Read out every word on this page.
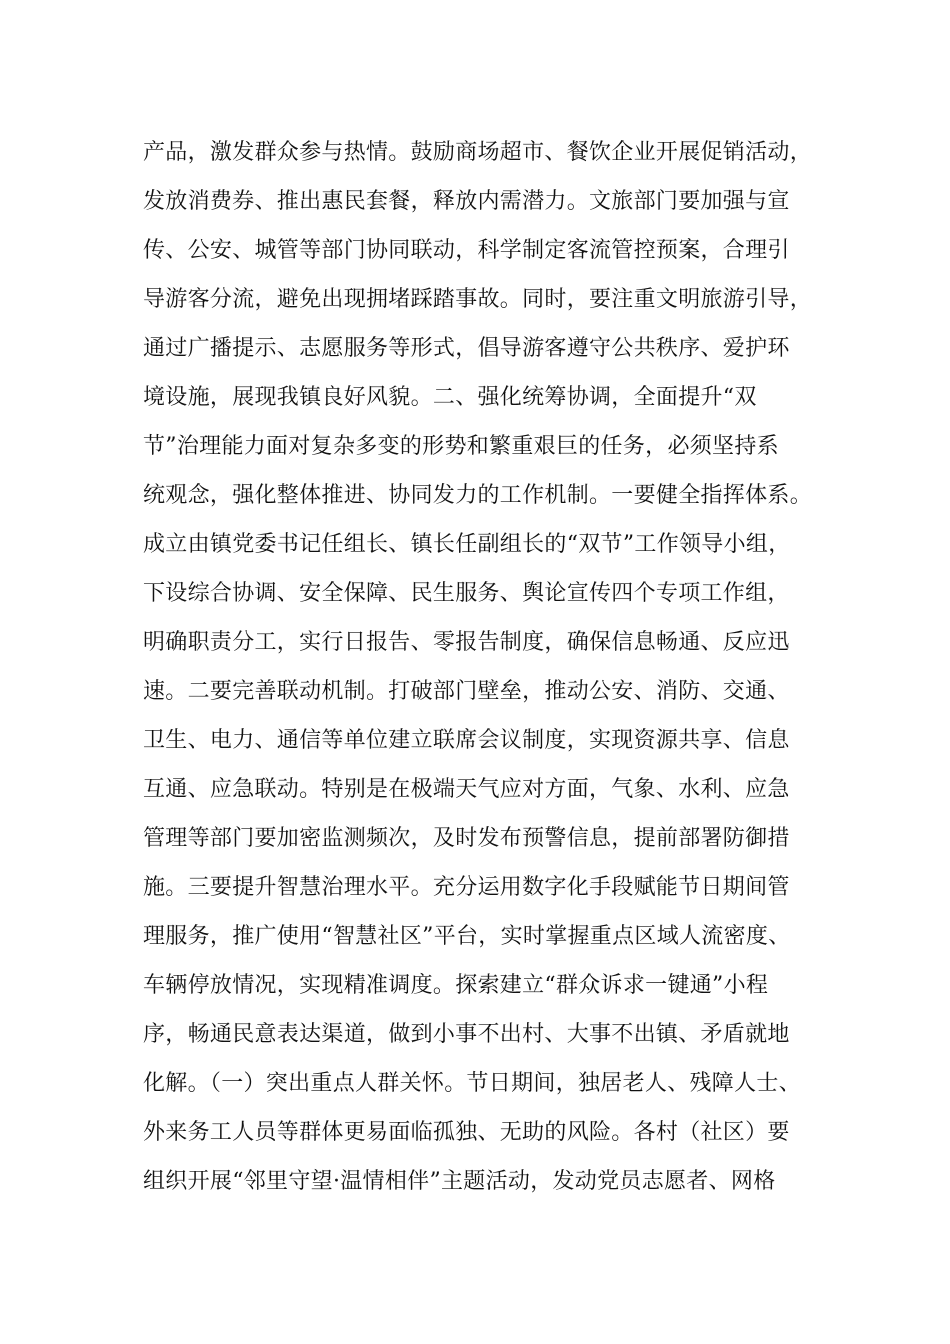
产品，激发群众参与热情。鼓励商场超市、餐饮企业开展促销活动，
发放消费券、推出惠民套餐，释放内需潜力。文旅部门要加强与宣
传、公安、城管等部门协同联动，科学制定客流管控预案，合理引
导游客分流，避免出现拥堵踩踏事故。同时，要注重文明旅游引导，
通过广播提示、志愿服务等形式，倡导游客遵守公共秩序、爱护环
境设施，展现我镇良好风貌。二、强化统筹协调，全面提升“双
节”治理能力面对复杂多变的形势和繁重艰巨的任务，必须坚持系
统观念，强化整体推进、协同发力的工作机制。一要健全指挥体系。
成立由镇党委书记任组长、镇长任副组长的“双节”工作领导小组，
下设综合协调、安全保障、民生服务、舆论宣传四个专项工作组，
明确职责分工，实行日报告、零报告制度，确保信息畅通、反应迅
速。二要完善联动机制。打破部门壁垒，推动公安、消防、交通、
卫生、电力、通信等单位建立联席会议制度，实现资源共享、信息
互通、应急联动。特别是在极端天气应对方面，气象、水利、应急
管理等部门要加密监测频次，及时发布预警信息，提前部署防御措
施。三要提升智慧治理水平。充分运用数字化手段赋能节日期间管
理服务，推广使用“智慧社区”平台，实时掌握重点区域人流密度、
车辆停放情况，实现精准调度。探索建立“群众诉求一键通”小程
序，畅通民意表达渠道，做到小事不出村、大事不出镇、矛盾就地
化解。（一）突出重点人群关怀。节日期间，独居老人、残障人士、
外来务工人员等群体更易面临孤独、无助的风险。各村（社区）要
组织开展“邻里守望·温情相伴”主题活动，发动党员志愿者、网格
